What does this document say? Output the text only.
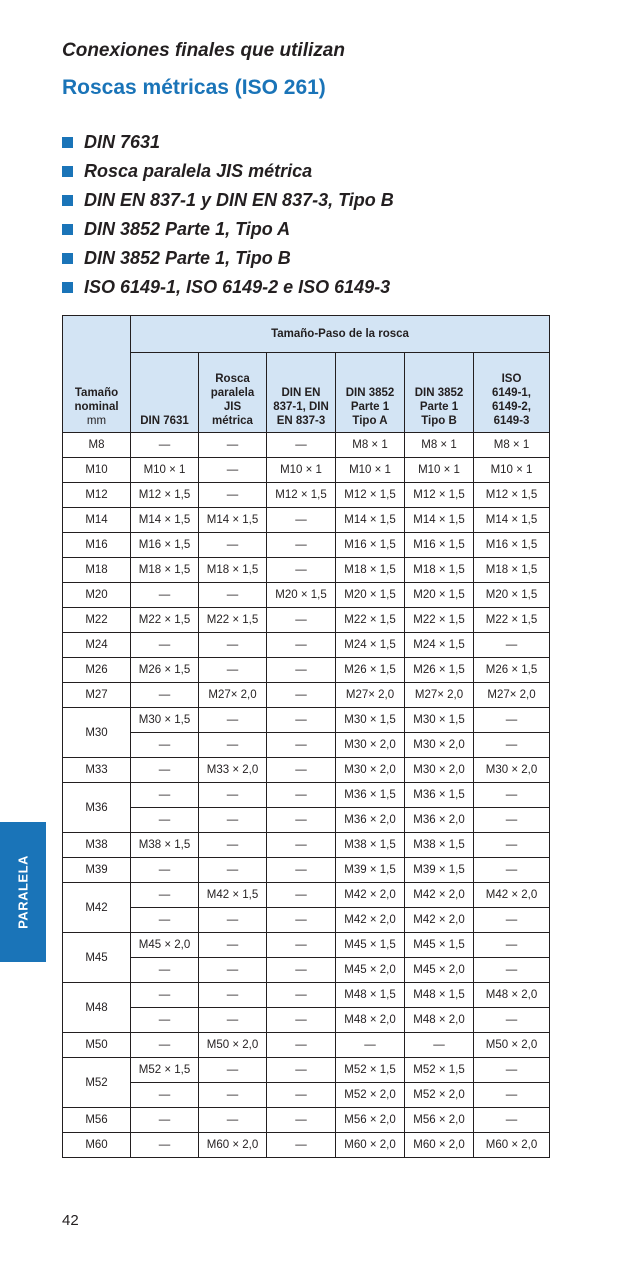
Conexiones finales que utilizan
Roscas métricas (ISO 261)
DIN 7631
Rosca paralela JIS métrica
DIN EN 837-1 y DIN EN 837-3, Tipo B
DIN 3852 Parte 1, Tipo A
DIN 3852 Parte 1, Tipo B
ISO 6149-1, ISO 6149-2 e ISO 6149-3
PARALELA
Tamaño
nominal
mm	Tamaño-Paso de la rosca					
	DIN 7631	Rosca
paralela
JIS
métrica	DIN EN
837-1, DIN
EN 837-3	DIN 3852
Parte 1
Tipo A	DIN 3852
Parte 1
Tipo B	ISO
6149-1,
6149-2,
6149-3
M8	—	—	—	M8 × 1	M8 × 1	M8 × 1
M10	M10 × 1	—	M10 × 1	M10 × 1	M10 × 1	M10 × 1
M12	M12 × 1,5	—	M12 × 1,5	M12 × 1,5	M12 × 1,5	M12 × 1,5
M14	M14 × 1,5	M14 × 1,5	—	M14 × 1,5	M14 × 1,5	M14 × 1,5
M16	M16 × 1,5	—	—	M16 × 1,5	M16 × 1,5	M16 × 1,5
M18	M18 × 1,5	M18 × 1,5	—	M18 × 1,5	M18 × 1,5	M18 × 1,5
M20	—	—	M20 × 1,5	M20 × 1,5	M20 × 1,5	M20 × 1,5
M22	M22 × 1,5	M22 × 1,5	—	M22 × 1,5	M22 × 1,5	M22 × 1,5
M24	—	—	—	M24 × 1,5	M24 × 1,5	—
M26	M26 × 1,5	—	—	M26 × 1,5	M26 × 1,5	M26 × 1,5
M27	—	M27× 2,0	—	M27× 2,0	M27× 2,0	M27× 2,0
M30	M30 × 1,5	—	—	M30 × 1,5	M30 × 1,5	—
	—	—	—	M30 × 2,0	M30 × 2,0	—
M33	—	M33 × 2,0	—	M30 × 2,0	M30 × 2,0	M30 × 2,0
M36	—	—	—	M36 × 1,5	M36 × 1,5	—
	—	—	—	M36 × 2,0	M36 × 2,0	—
M38	M38 × 1,5	—	—	M38 × 1,5	M38 × 1,5	—
M39	—	—	—	M39 × 1,5	M39 × 1,5	—
M42	—	M42 × 1,5	—	M42 × 2,0	M42 × 2,0	M42 × 2,0
	—	—	—	M42 × 2,0	M42 × 2,0	—
M45	M45 × 2,0	—	—	M45 × 1,5	M45 × 1,5	—
	—	—	—	M45 × 2,0	M45 × 2,0	—
M48	—	—	—	M48 × 1,5	M48 × 1,5	M48 × 2,0
	—	—	—	M48 × 2,0	M48 × 2,0	—
M50	—	M50 × 2,0	—	—	—	M50 × 2,0
M52	M52 × 1,5	—	—	M52 × 1,5	M52 × 1,5	—
	—	—	—	M52 × 2,0	M52 × 2,0	—
M56	—	—	—	M56 × 2,0	M56 × 2,0	—
M60	—	M60 × 2,0	—	M60 × 2,0	M60 × 2,0	M60 × 2,0
42
